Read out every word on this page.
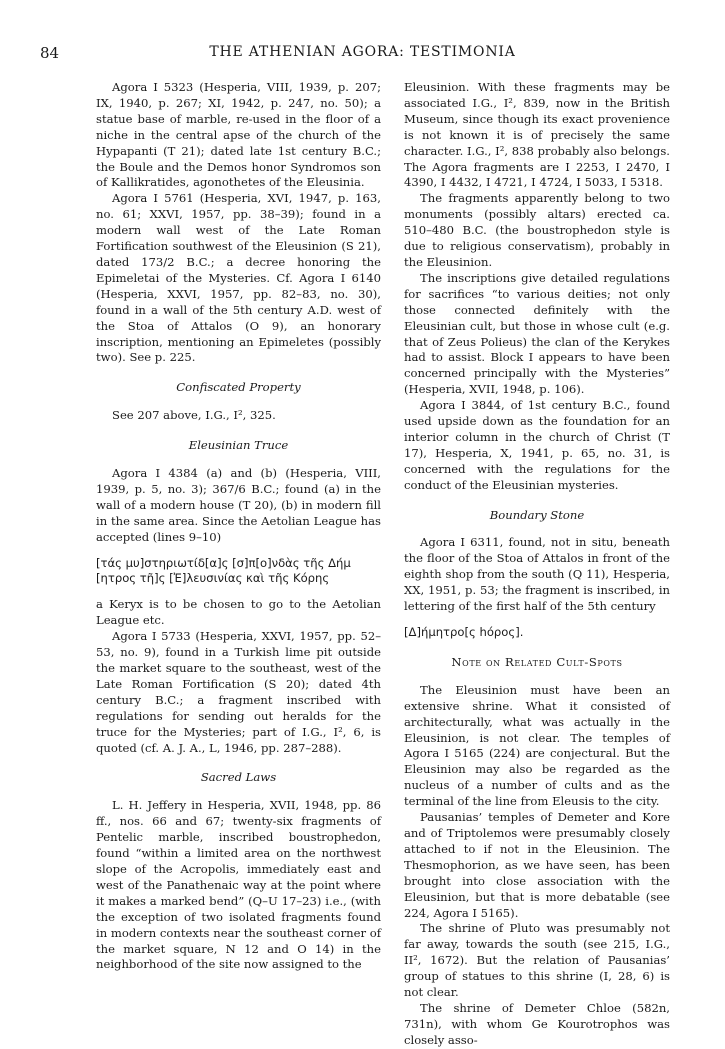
84	THE ATHENIAN AGORA: TESTIMONIA

Agora I 5323 (Hesperia, VIII, 1939, p. 207; IX, 1940, p. 267; XI, 1942, p. 247, no. 50); a statue base of marble, re-used in the floor of a niche in the central apse of the church of the Hypapanti (T 21); dated late 1st century B.C.; the Boule and the Demos honor Syndromos son of Kallikratides, agonothetes of the Eleusinia.

Agora I 5761 (Hesperia, XVI, 1947, p. 163, no. 61; XXVI, 1957, pp. 38–39); found in a modern wall west of the Late Roman Fortification southwest of the Eleusinion (S 21), dated 173/2 B.C.; a decree honoring the Epimeletai of the Mysteries. Cf. Agora I 6140 (Hesperia, XXVI, 1957, pp. 82–83, no. 30), found in a wall of the 5th century A.D. west of the Stoa of Attalos (O 9), an honorary inscription, mentioning an Epimeletes (possibly two). See p. 225.

Confiscated Property

See 207 above, I.G., I², 325.

Eleusinian Truce

Agora I 4384 (a) and (b) (Hesperia, VIII, 1939, p. 5, no. 3); 367/6 B.C.; found (a) in the wall of a modern house (T 20), (b) in modern fill in the same area. Since the Aetolian League has accepted (lines 9–10)

[τάς μυ]στηριωτίδ[α]ς [σ]π[ο]νδὰς τῆς Δήμ
[ητρος τῆ]ς [Ἐ]λευσινίας καὶ τῆς Κόρης

a Keryx is to be chosen to go to the Aetolian League etc.

Agora I 5733 (Hesperia, XXVI, 1957, pp. 52–53, no. 9), found in a Turkish lime pit outside the market square to the southeast, west of the Late Roman Fortification (S 20); dated 4th century B.C.; a fragment inscribed with regulations for sending out heralds for the truce for the Mysteries; part of I.G., I², 6, is quoted (cf. A. J. A., L, 1946, pp. 287–288).

Sacred Laws

L. H. Jeffery in Hesperia, XVII, 1948, pp. 86 ff., nos. 66 and 67; twenty-six fragments of Pentelic marble, inscribed boustrophedon, found “within a limited area on the northwest slope of the Acropolis, immediately east and west of the Panathenaic way at the point where it makes a marked bend” (Q–U 17–23) i.e., (with the exception of two isolated fragments found in modern contexts near the southeast corner of the market square, N 12 and O 14) in the neighborhood of the site now assigned to the

Eleusinion. With these fragments may be associated I.G., I², 839, now in the British Museum, since though its exact provenience is not known it is of precisely the same character. I.G., I², 838 probably also belongs. The Agora fragments are I 2253, I 2470, I 4390, I 4432, I 4721, I 4724, I 5033, I 5318.

The fragments apparently belong to two monuments (possibly altars) erected ca. 510–480 B.C. (the boustrophedon style is due to religious conservatism), probably in the Eleusinion.

The inscriptions give detailed regulations for sacrifices “to various deities; not only those connected definitely with the Eleusinian cult, but those in whose cult (e.g. that of Zeus Polieus) the clan of the Kerykes had to assist. Block I appears to have been concerned principally with the Mysteries” (Hesperia, XVII, 1948, p. 106).

Agora I 3844, of 1st century B.C., found used upside down as the foundation for an interior column in the church of Christ (T 17), Hesperia, X, 1941, p. 65, no. 31, is concerned with the regulations for the conduct of the Eleusinian mysteries.

Boundary Stone

Agora I 6311, found, not in situ, beneath the floor of the Stoa of Attalos in front of the eighth shop from the south (Q 11), Hesperia, XX, 1951, p. 53; the fragment is inscribed, in lettering of the first half of the 5th century

[Δ]ήμητρο[ς hόρος].
Note on Related Cult-Spots

The Eleusinion must have been an extensive shrine. What it consisted of architecturally, what was actually in the Eleusinion, is not clear. The temples of Agora I 5165 (224) are conjectural. But the Eleusinion may also be regarded as the nucleus of a number of cults and as the terminal of the line from Eleusis to the city.

Pausanias’ temples of Demeter and Kore and of Triptolemos were presumably closely attached to if not in the Eleusinion. The Thesmophorion, as we have seen, has been brought into close association with the Eleusinion, but that is more debatable (see 224, Agora I 5165).

The shrine of Pluto was presumably not far away, towards the south (see 215, I.G., II², 1672). But the relation of Pausanias’ group of statues to this shrine (I, 28, 6) is not clear.

The shrine of Demeter Chloe (582n, 731n), with whom Ge Kourotrophos was closely asso-
